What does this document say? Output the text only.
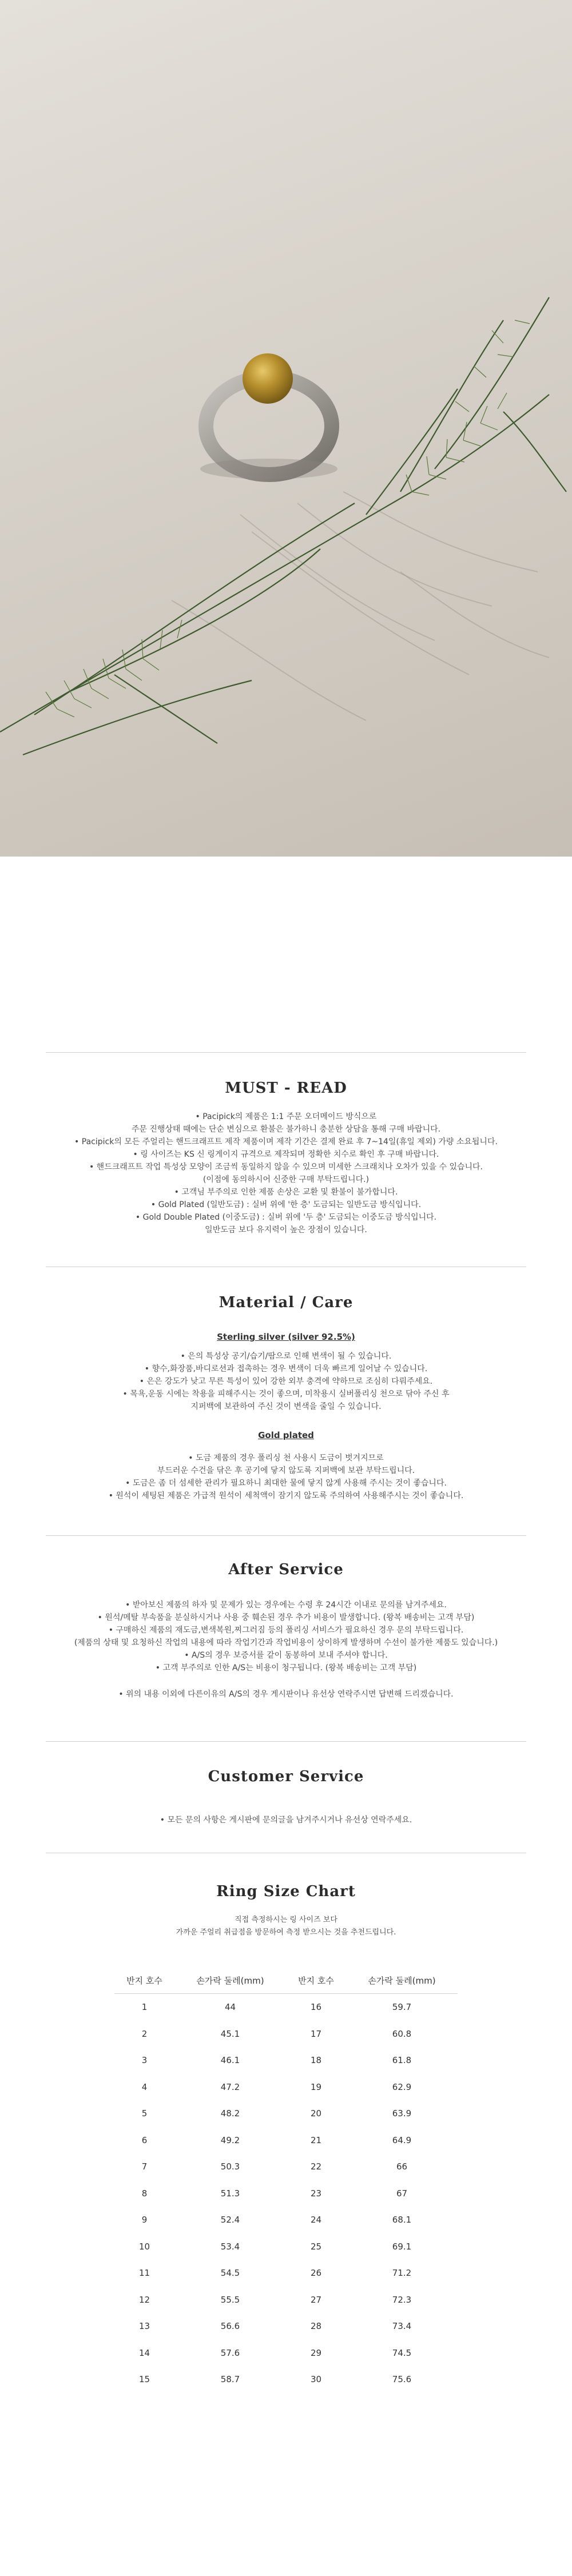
MUST - READ
• Pacipick의 제품은 1:1 주문 오더메이드 방식으로
주문 진행상태 때에는 단순 변심으로 환불은 불가하니 충분한 상담을 통해 구매 바랍니다.
• Pacipick의 모든 주얼리는 핸드크래프트 제작 제품이며 제작 기간은 결제 완료 후 7~14일(휴일 제외) 가량 소요됩니다.
• 링 사이즈는 KS 신 링게이지 규격으로 제작되며 정확한 치수로 확인 후 구매 바랍니다.
• 핸드크래프트 작업 특성상 모양이 조금씩 동일하지 않을 수 있으며 미세한 스크래치나 오차가 있을 수 있습니다.
(이점에 동의하시어 신중한 구매 부탁드립니다.)
• 고객님 부주의로 인한 제품 손상은 교환 및 환불이 불가합니다.
• Gold Plated (일반도금) : 실버 위에 '한 층' 도금되는 일반도금 방식입니다.
• Gold Double Plated (이중도금) : 실버 위에 '두 층' 도금되는 이중도금 방식입니다.
일반도금 보다 유지력이 높은 장점이 있습니다.
Material / Care
Sterling silver (silver 92.5%)
• 은의 특성상 공기/습기/땀으로 인해 변색이 될 수 있습니다.
• 향수,화장품,바디로션과 접촉하는 경우 변색이 더욱 빠르게 일어날 수 있습니다.
• 은은 강도가 낮고 무른 특성이 있어 강한 외부 충격에 약하므로 조심히 다뤄주세요.
• 목욕,운동 시에는 착용을 피해주시는 것이 좋으며, 미착용시 실버폴리싱 천으로 닦아 주신 후
지퍼백에 보관하여 주신 것이 변색을 줄일 수 있습니다.
Gold plated
• 도금 제품의 경우 폴리싱 천 사용시 도금이 벗겨지므로
부드러운 수건을 닦은 후 공기에 닿지 않도록 지퍼백에 보관 부탁드립니다.
• 도금은 좀 더 섬세한 관리가 필요하니 최대한 물에 닿지 않게 사용해 주시는 것이 좋습니다.
• 원석이 세팅된 제품은 가급적 원석이 세척액이 잠기지 않도록 주의하여 사용해주시는 것이 좋습니다.
After Service
• 받아보신 제품의 하자 및 문제가 있는 경우에는 수령 후 24시간 이내로 문의를 남겨주세요.
• 원석/메탈 부속품을 분실하시거나 사용 중 훼손된 경우 추가 비용이 발생합니다. (왕복 배송비는 고객 부담)
• 구매하신 제품의 재도금,변색복원,찌그러짐 등의 폴리싱 서비스가 필요하신 경우 문의 부탁드립니다.
(제품의 상태 및 요청하신 작업의 내용에 따라 작업기간과 작업비용이 상이하게 발생하며 수선이 불가한 제품도 있습니다.)
• A/S의 경우 보증서를 같이 동봉하여 보내 주셔야 합니다.
• 고객 부주의로 인한 A/S는 비용이 청구됩니다. (왕복 배송비는 고객 부담)
• 위의 내용 이외에 다른이유의 A/S의 경우 게시판이나 유선상 연락주시면 답변해 드리겠습니다.
Customer Service
• 모든 문의 사항은 게시판에 문의글을 남겨주시거나 유선상 연락주세요.
Ring Size Chart
직접 측정하시는 링 사이즈 보다
가까운 주얼리 취급점을 방문하여 측정 받으시는 것을 추천드립니다.
반지 호수	손가락 둘레(mm)	반지 호수	손가락 둘레(mm)
1	44	16	59.7
2	45.1	17	60.8
3	46.1	18	61.8
4	47.2	19	62.9
5	48.2	20	63.9
6	49.2	21	64.9
7	50.3	22	66
8	51.3	23	67
9	52.4	24	68.1
10	53.4	25	69.1
11	54.5	26	71.2
12	55.5	27	72.3
13	56.6	28	73.4
14	57.6	29	74.5
15	58.7	30	75.6
